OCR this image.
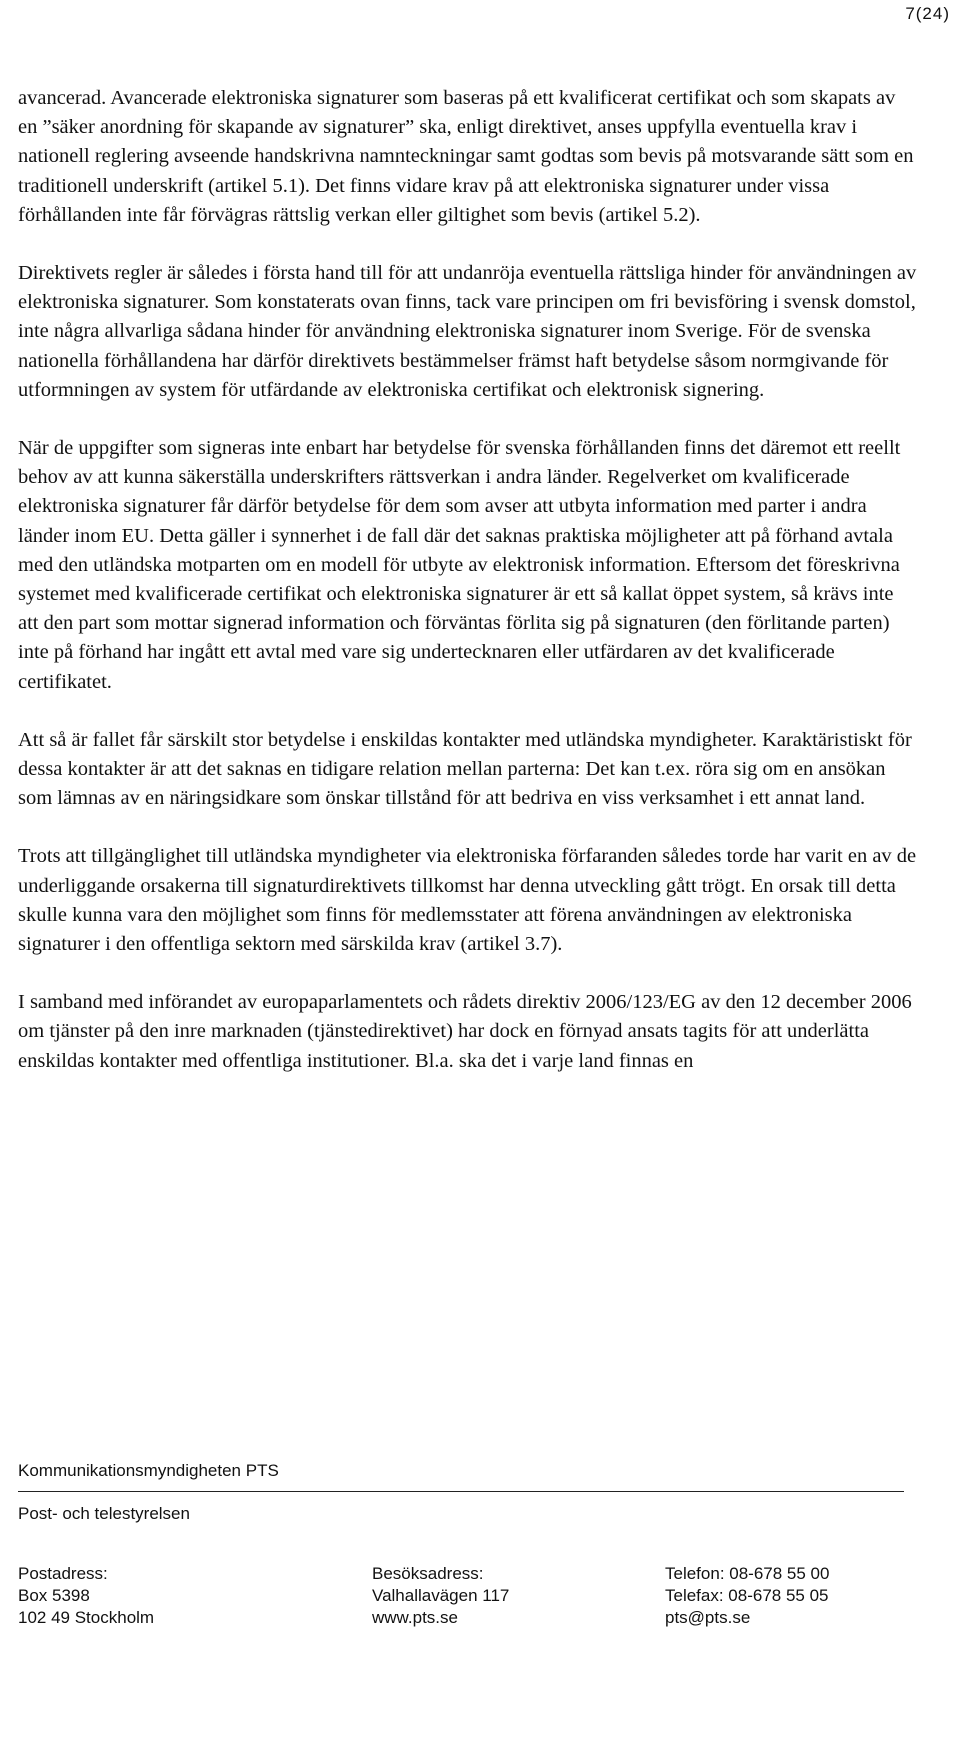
7(24)

avancerad. Avancerade elektroniska signaturer som baseras på ett kvalificerat certifikat och som skapats av en ”säker anordning för skapande av signaturer” ska, enligt direktivet, anses uppfylla eventuella krav i nationell reglering avseende handskrivna namnteckningar samt godtas som bevis på motsvarande sätt som en traditionell underskrift (artikel 5.1). Det finns vidare krav på att elektroniska signaturer under vissa förhållanden inte får förvägras rättslig verkan eller giltighet som bevis (artikel 5.2).

Direktivets regler är således i första hand till för att undanröja eventuella rättsliga hinder för användningen av elektroniska signaturer. Som konstaterats ovan finns, tack vare principen om fri bevisföring i svensk domstol, inte några allvarliga sådana hinder för användning elektroniska signaturer inom Sverige. För de svenska nationella förhållandena har därför direktivets bestämmelser främst haft betydelse såsom normgivande för utformningen av system för utfärdande av elektroniska certifikat och elektronisk signering.

När de uppgifter som signeras inte enbart har betydelse för svenska förhållanden finns det däremot ett reellt behov av att kunna säkerställa underskrifters rättsverkan i andra länder. Regelverket om kvalificerade elektroniska signaturer får därför betydelse för dem som avser att utbyta information med parter i andra länder inom EU. Detta gäller i synnerhet i de fall där det saknas praktiska möjligheter att på förhand avtala med den utländska motparten om en modell för utbyte av elektronisk information. Eftersom det föreskrivna systemet med kvalificerade certifikat och elektroniska signaturer är ett så kallat öppet system, så krävs inte att den part som mottar signerad information och förväntas förlita sig på signaturen (den förlitande parten) inte på förhand har ingått ett avtal med vare sig undertecknaren eller utfärdaren av det kvalificerade certifikatet.

Att så är fallet får särskilt stor betydelse i enskildas kontakter med utländska myndigheter. Karaktäristiskt för dessa kontakter är att det saknas en tidigare relation mellan parterna: Det kan t.ex. röra sig om en ansökan som lämnas av en näringsidkare som önskar tillstånd för att bedriva en viss verksamhet i ett annat land.

Trots att tillgänglighet till utländska myndigheter via elektroniska förfaranden således torde har varit en av de underliggande orsakerna till signaturdirektivets tillkomst har denna utveckling gått trögt. En orsak till detta skulle kunna vara den möjlighet som finns för medlemsstater att förena användningen av elektroniska signaturer i den offentliga sektorn med särskilda krav (artikel 3.7).

I samband med införandet av europaparlamentets och rådets direktiv 2006/123/EG av den 12 december 2006 om tjänster på den inre marknaden (tjänstedirektivet) har dock en förnyad ansats tagits för att underlätta enskildas kontakter med offentliga institutioner. Bl.a. ska det i varje land finnas en

Kommunikationsmyndigheten PTS

Post- och telestyrelsen

Postadress:
Box 5398
102 49 Stockholm
Besöksadress:
Valhallavägen 117
www.pts.se
Telefon: 08-678 55 00
Telefax: 08-678 55 05
pts@pts.se
